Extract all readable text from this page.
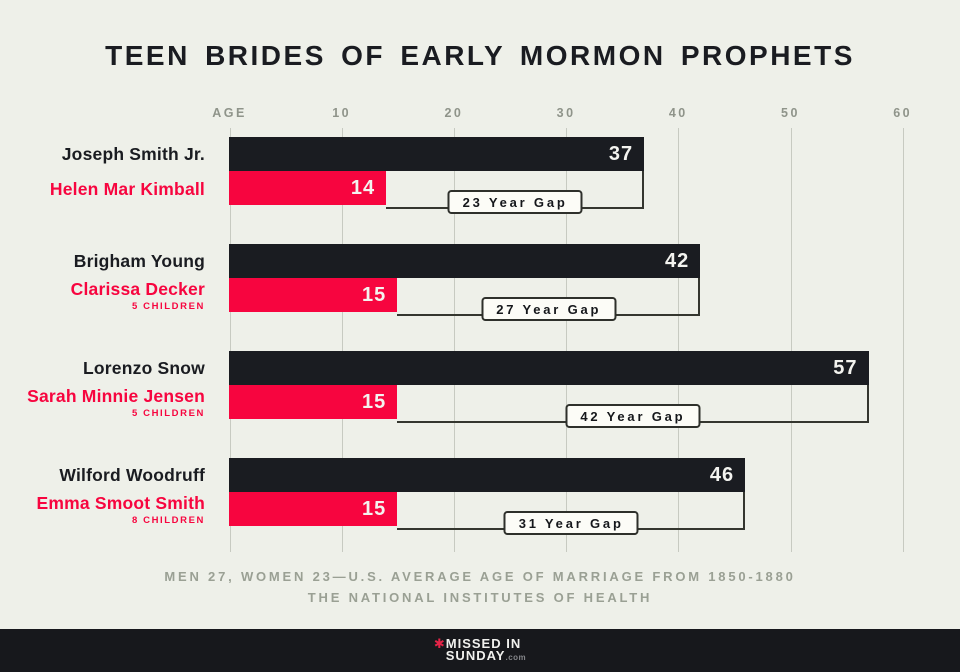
TEEN BRIDES OF EARLY MORMON PROPHETS
AGE	10	20	30	40	50	60
Joseph Smith Jr.
Helen Mar Kimball
37
14
23 Year Gap
Brigham Young
Clarissa Decker
5 CHILDREN
42
15
27 Year Gap
Lorenzo Snow
Sarah Minnie Jensen
5 CHILDREN
57
15
42 Year Gap
Wilford Woodruff
Emma Smoot Smith
8 CHILDREN
46
15
31 Year Gap
MEN 27, WOMEN 23—U.S. AVERAGE AGE OF MARRIAGE FROM 1850-1880
THE NATIONAL INSTITUTES OF HEALTH
✱ MISSED IN
SUNDAY.com
